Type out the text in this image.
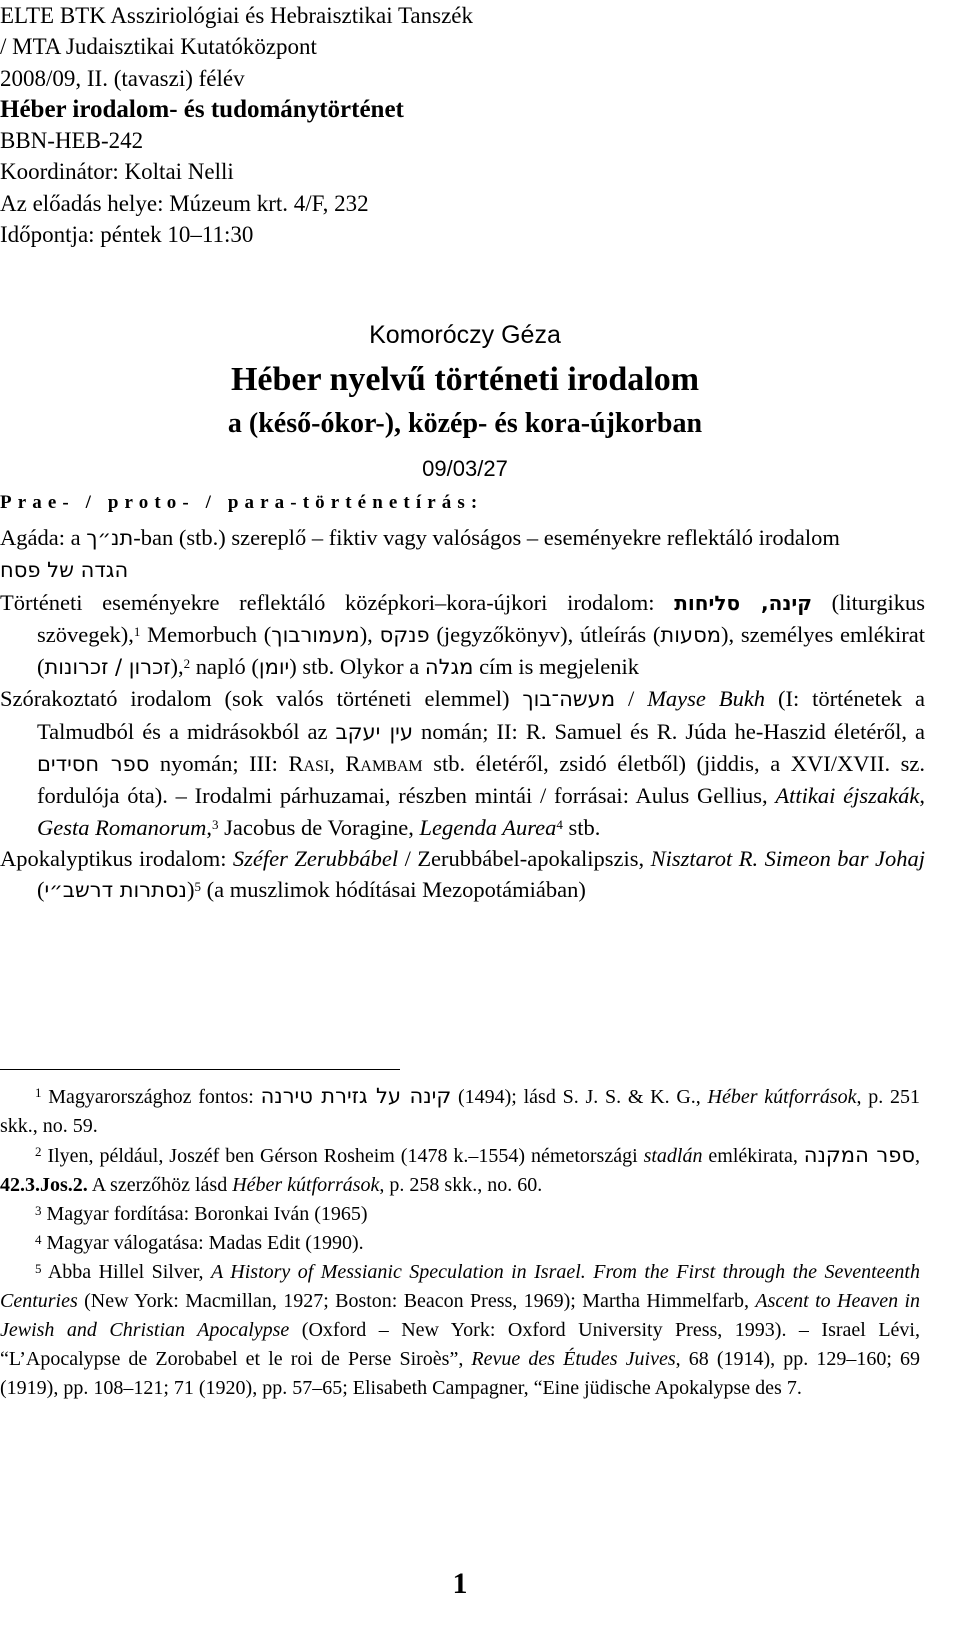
ELTE BTK Assziriológiai és Hebraisztikai Tanszék
/ MTA Judaisztikai Kutatóközpont
2008/09, II. (tavaszi) félév
Héber irodalom- és tudománytörténet
BBN-HEB-242
Koordinátor: Koltai Nelli
Az előadás helye: Múzeum krt. 4/F, 232
Időpontja: péntek 10–11:30
Komoróczy Géza
Héber nyelvű történeti irodalom
a (késő-ókor-), közép- és kora-újkorban
09/03/27
Prae- / proto- / para-történetírás:
Agáda: a תנ״ך-ban (stb.) szereplő – fiktiv vagy valóságos – eseményekre reflektáló irodalom
הגדה של פסח
Történeti eseményekre reflektáló középkori–kora-újkori irodalom: קינה, סליחות (liturgikus szövegek),$^1$ Memorbuch (מעמורבוך), פנקס (jegyzőkönyv), útleírás (מסעות), személyes emlékirat (זכרון / זכרונות),$^2$ napló (יומן) stb. Olykor a מגלה cím is megjelenik
Szórakoztató irodalom (sok valós történeti elemmel) מעשה־בוך / Mayse Bukh (I: történetek a Talmudból és a midrásokból az עין יעקב nomán; II: R. Samuel és R. Júda he-Haszid életéről, a ספר חסידים nyomán; III: Rasi, Rambam stb. életéről, zsidó életből) (jiddis, a XVI/XVII. sz. fordulója óta). – Irodalmi párhuzamai, részben mintái / forrásai: Aulus Gellius, Attikai éjszakák, Gesta Romanorum,$^3$ Jacobus de Voragine, Legenda Aurea$^4$ stb.
Apokalyptikus irodalom: Széfer Zerubbábel / Zerubbábel-apokalipszis, Nisztarot R. Simeon bar Johaj (נסתרות דרשב״י)$^5$ (a muszlimok hódításai Mezopotámiában)
1 Magyarországhoz fontos: קינה על גזירת טירנה (1494); lásd S. J. S. & K. G., Héber kútforrások, p. 251 skk., no. 59.
2 Ilyen, például, Joszéf ben Gérson Rosheim (1478 k.–1554) németországi stadlán emlékirata, ספר המקנה, 42.3.Jos.2. A szerzőhöz lásd Héber kútforrások, p. 258 skk., no. 60.
3 Magyar fordítása: Boronkai Iván (1965)
4 Magyar válogatása: Madas Edit (1990).
5 Abba Hillel Silver, A History of Messianic Speculation in Israel. From the First through the Seventeenth Centuries (New York: Macmillan, 1927; Boston: Beacon Press, 1969); Martha Himmelfarb, Ascent to Heaven in Jewish and Christian Apocalypse (Oxford – New York: Oxford University Press, 1993). – Israel Lévi, “L’Apocalypse de Zorobabel et le roi de Perse Siroès”, Revue des Études Juives, 68 (1914), pp. 129–160; 69 (1919), pp. 108–121; 71 (1920), pp. 57–65; Elisabeth Campagner, “Eine jüdische Apokalypse des 7.
1
